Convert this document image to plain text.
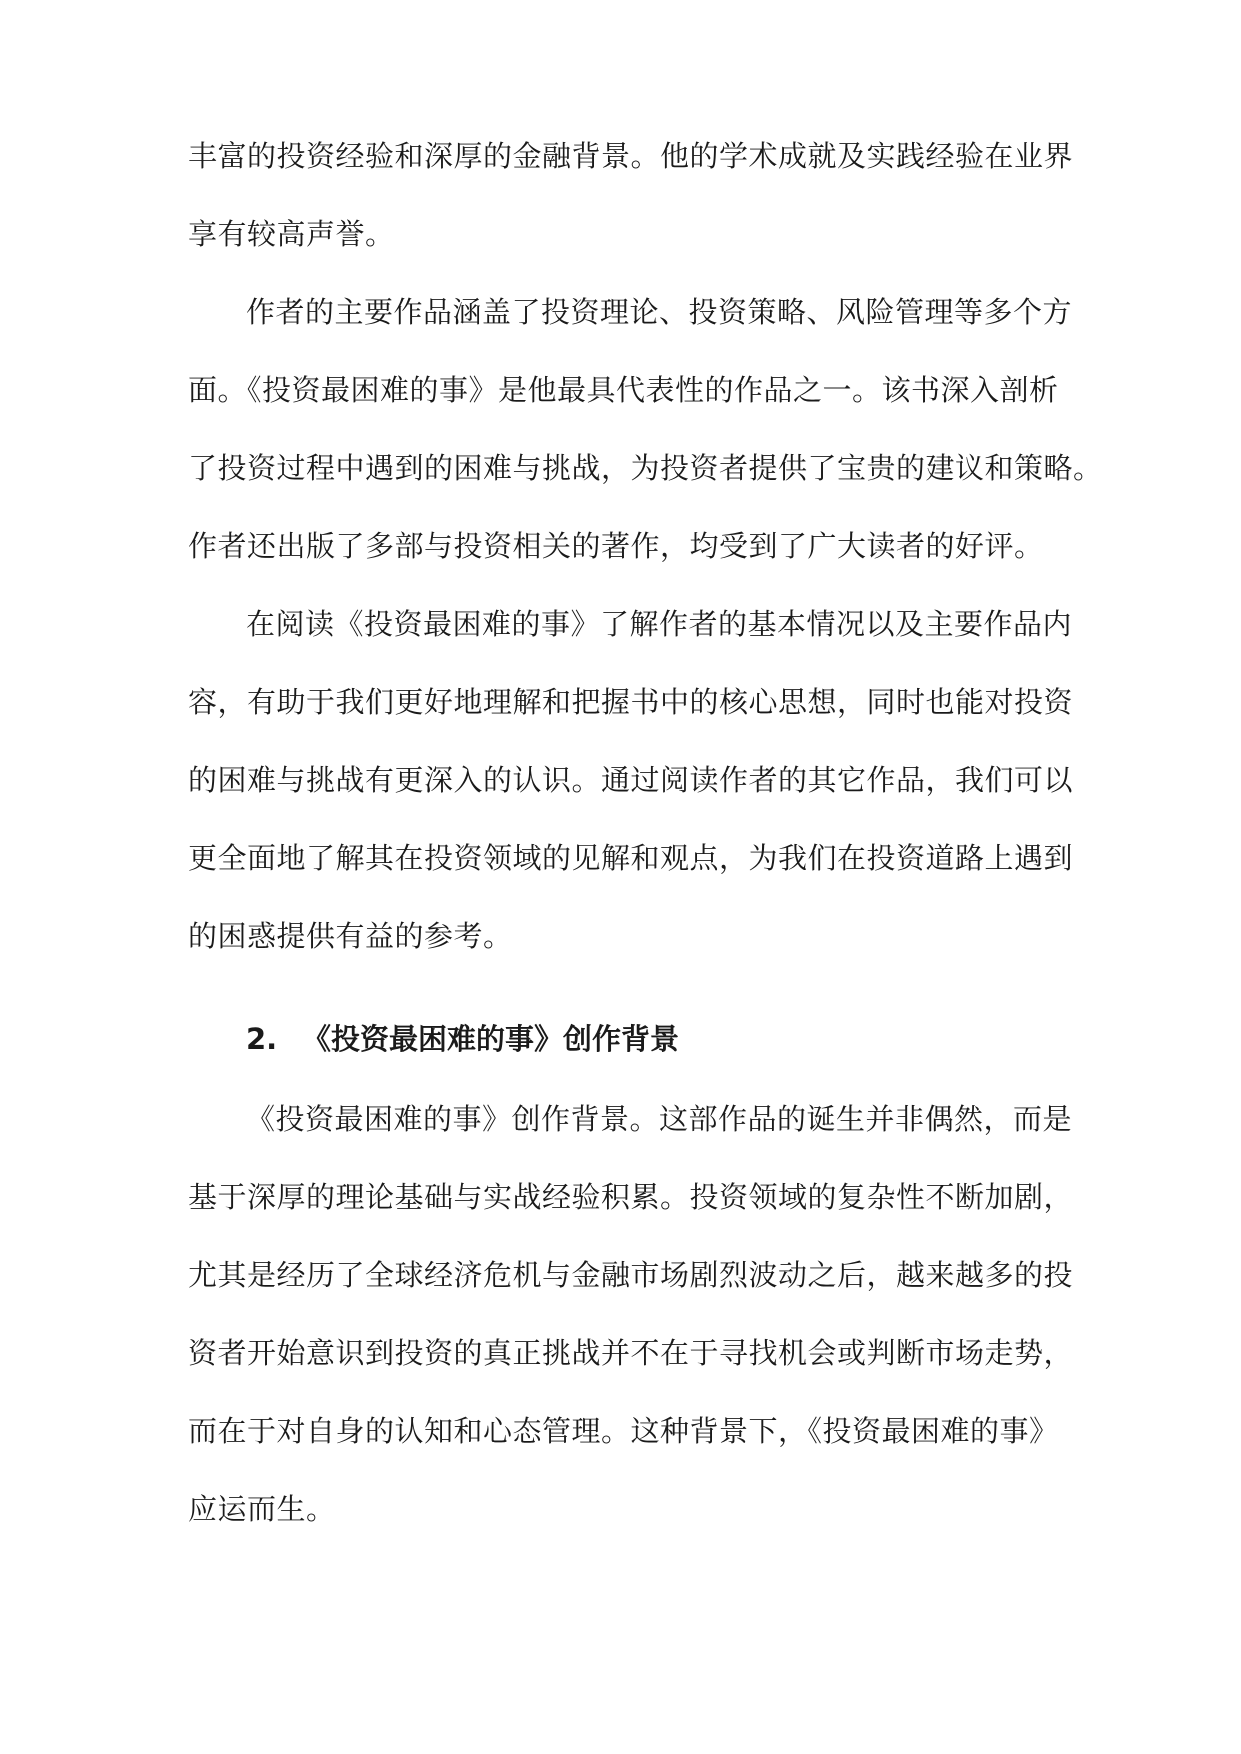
丰富的投资经验和深厚的金融背景。他的学术成就及实践经验在业界
享有较高声誉。
作者的主要作品涵盖了投资理论、投资策略、风险管理等多个方
面。《投资最困难的事》是他最具代表性的作品之一。该书深入剖析
了投资过程中遇到的困难与挑战，为投资者提供了宝贵的建议和策略。
作者还出版了多部与投资相关的著作，均受到了广大读者的好评。
在阅读《投资最困难的事》了解作者的基本情况以及主要作品内
容，有助于我们更好地理解和把握书中的核心思想，同时也能对投资
的困难与挑战有更深入的认识。通过阅读作者的其它作品，我们可以
更全面地了解其在投资领域的见解和观点，为我们在投资道路上遇到
的困惑提供有益的参考。
2. 《投资最困难的事》创作背景
《投资最困难的事》创作背景。这部作品的诞生并非偶然，而是
基于深厚的理论基础与实战经验积累。投资领域的复杂性不断加剧，
尤其是经历了全球经济危机与金融市场剧烈波动之后，越来越多的投
资者开始意识到投资的真正挑战并不在于寻找机会或判断市场走势，
而在于对自身的认知和心态管理。这种背景下，《投资最困难的事》
应运而生。
